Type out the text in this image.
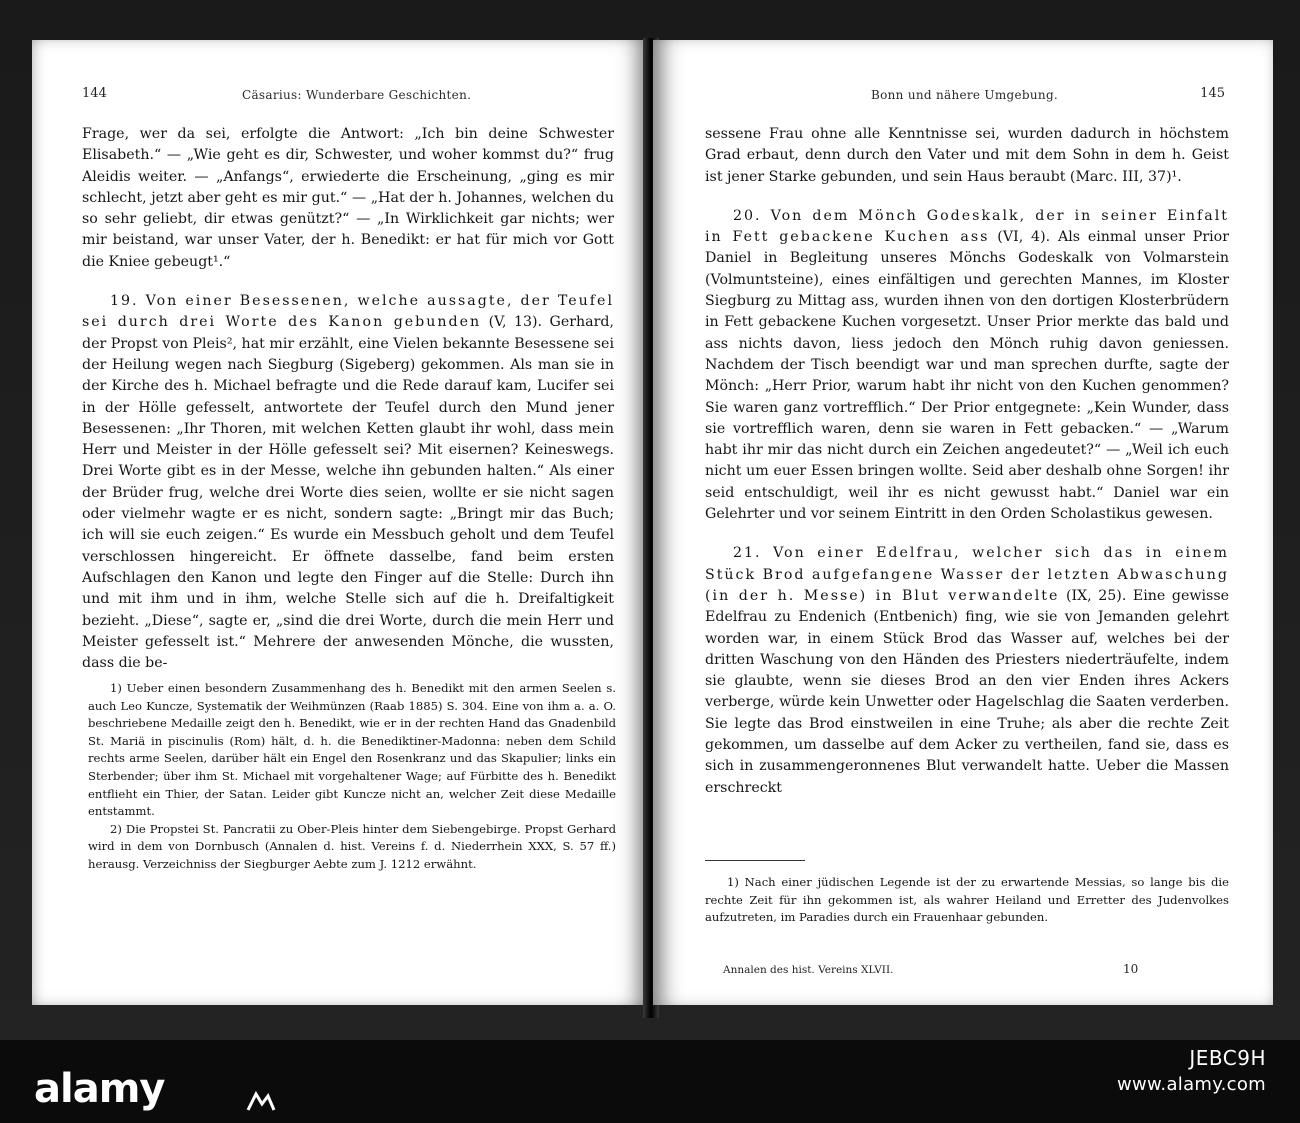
144	Cäsarius: Wunderbare Geschichten.

Frage, wer da sei, erfolgte die Antwort: „Ich bin deine Schwester Elisabeth.“ — „Wie geht es dir, Schwester, und woher kommst du?“ frug Aleidis weiter. — „Anfangs“, erwiederte die Erscheinung, „ging es mir schlecht, jetzt aber geht es mir gut.“ — „Hat der h. Johannes, welchen du so sehr geliebt, dir etwas genützt?“ — „In Wirklichkeit gar nichts; wer mir beistand, war unser Vater, der h. Benedikt: er hat für mich vor Gott die Kniee gebeugt¹.“

19. Von einer Besessenen, welche aussagte, der Teufel sei durch drei Worte des Kanon gebunden (V, 13). Gerhard, der Propst von Pleis², hat mir erzählt, eine Vielen bekannte Besessene sei der Heilung wegen nach Siegburg (Sigeberg) gekommen. Als man sie in der Kirche des h. Michael befragte und die Rede darauf kam, Lucifer sei in der Hölle gefesselt, antwortete der Teufel durch den Mund jener Besessenen: „Ihr Thoren, mit welchen Ketten glaubt ihr wohl, dass mein Herr und Meister in der Hölle gefesselt sei? Mit eisernen? Keineswegs. Drei Worte gibt es in der Messe, welche ihn gebunden halten.“ Als einer der Brüder frug, welche drei Worte dies seien, wollte er sie nicht sagen oder vielmehr wagte er es nicht, sondern sagte: „Bringt mir das Buch; ich will sie euch zeigen.“ Es wurde ein Messbuch geholt und dem Teufel verschlossen hingereicht. Er öffnete dasselbe, fand beim ersten Aufschlagen den Kanon und legte den Finger auf die Stelle: Durch ihn und mit ihm und in ihm, welche Stelle sich auf die h. Dreifaltigkeit bezieht. „Diese“, sagte er, „sind die drei Worte, durch die mein Herr und Meister gefesselt ist.“ Mehrere der anwesenden Mönche, die wussten, dass die be-

1) Ueber einen besondern Zusammenhang des h. Benedikt mit den armen Seelen s. auch Leo Kuncze, Systematik der Weihmünzen (Raab 1885) S. 304. Eine von ihm a. a. O. beschriebene Medaille zeigt den h. Benedikt, wie er in der rechten Hand das Gnadenbild St. Mariä in piscinulis (Rom) hält, d. h. die Benediktiner-Madonna: neben dem Schild rechts arme Seelen, darüber hält ein Engel den Rosenkranz und das Skapulier; links ein Sterbender; über ihm St. Michael mit vorgehaltener Wage; auf Fürbitte des h. Benedikt entflieht ein Thier, der Satan. Leider gibt Kuncze nicht an, welcher Zeit diese Medaille entstammt.

2) Die Propstei St. Pancratii zu Ober-Pleis hinter dem Siebengebirge. Propst Gerhard wird in dem von Dornbusch (Annalen d. hist. Vereins f. d. Niederrhein XXX, S. 57 ff.) herausg. Verzeichniss der Siegburger Aebte zum J. 1212 erwähnt.

Bonn und nähere Umgebung.	145

sessene Frau ohne alle Kenntnisse sei, wurden dadurch in höchstem Grad erbaut, denn durch den Vater und mit dem Sohn in dem h. Geist ist jener Starke gebunden, und sein Haus beraubt (Marc. III, 37)¹.

20. Von dem Mönch Godeskalk, der in seiner Einfalt in Fett gebackene Kuchen ass (VI, 4). Als einmal unser Prior Daniel in Begleitung unseres Mönchs Godeskalk von Volmarstein (Volmuntsteine), eines einfältigen und gerechten Mannes, im Kloster Siegburg zu Mittag ass, wurden ihnen von den dortigen Klosterbrüdern in Fett gebackene Kuchen vorgesetzt. Unser Prior merkte das bald und ass nichts davon, liess jedoch den Mönch ruhig davon geniessen. Nachdem der Tisch beendigt war und man sprechen durfte, sagte der Mönch: „Herr Prior, warum habt ihr nicht von den Kuchen genommen? Sie waren ganz vortrefflich.“ Der Prior entgegnete: „Kein Wunder, dass sie vortrefflich waren, denn sie waren in Fett gebacken.“ — „Warum habt ihr mir das nicht durch ein Zeichen angedeutet?“ — „Weil ich euch nicht um euer Essen bringen wollte. Seid aber deshalb ohne Sorgen! ihr seid entschuldigt, weil ihr es nicht gewusst habt.“ Daniel war ein Gelehrter und vor seinem Eintritt in den Orden Scholastikus gewesen.

21. Von einer Edelfrau, welcher sich das in einem Stück Brod aufgefangene Wasser der letzten Abwaschung (in der h. Messe) in Blut verwandelte (IX, 25). Eine gewisse Edelfrau zu Endenich (Entbenich) fing, wie sie von Jemanden gelehrt worden war, in einem Stück Brod das Wasser auf, welches bei der dritten Waschung von den Händen des Priesters niederträufelte, indem sie glaubte, wenn sie dieses Brod an den vier Enden ihres Ackers verberge, würde kein Unwetter oder Hagelschlag die Saaten verderben. Sie legte das Brod einstweilen in eine Truhe; als aber die rechte Zeit gekommen, um dasselbe auf dem Acker zu vertheilen, fand sie, dass es sich in zusammengeronnenes Blut verwandelt hatte. Ueber die Massen erschreckt

1) Nach einer jüdischen Legende ist der zu erwartende Messias, so lange bis die rechte Zeit für ihn gekommen ist, als wahrer Heiland und Erretter des Judenvolkes aufzutreten, im Paradies durch ein Frauenhaar gebunden.

Annalen des hist. Vereins XLVII.	10
alamy
JEBC9H
www.alamy.com
